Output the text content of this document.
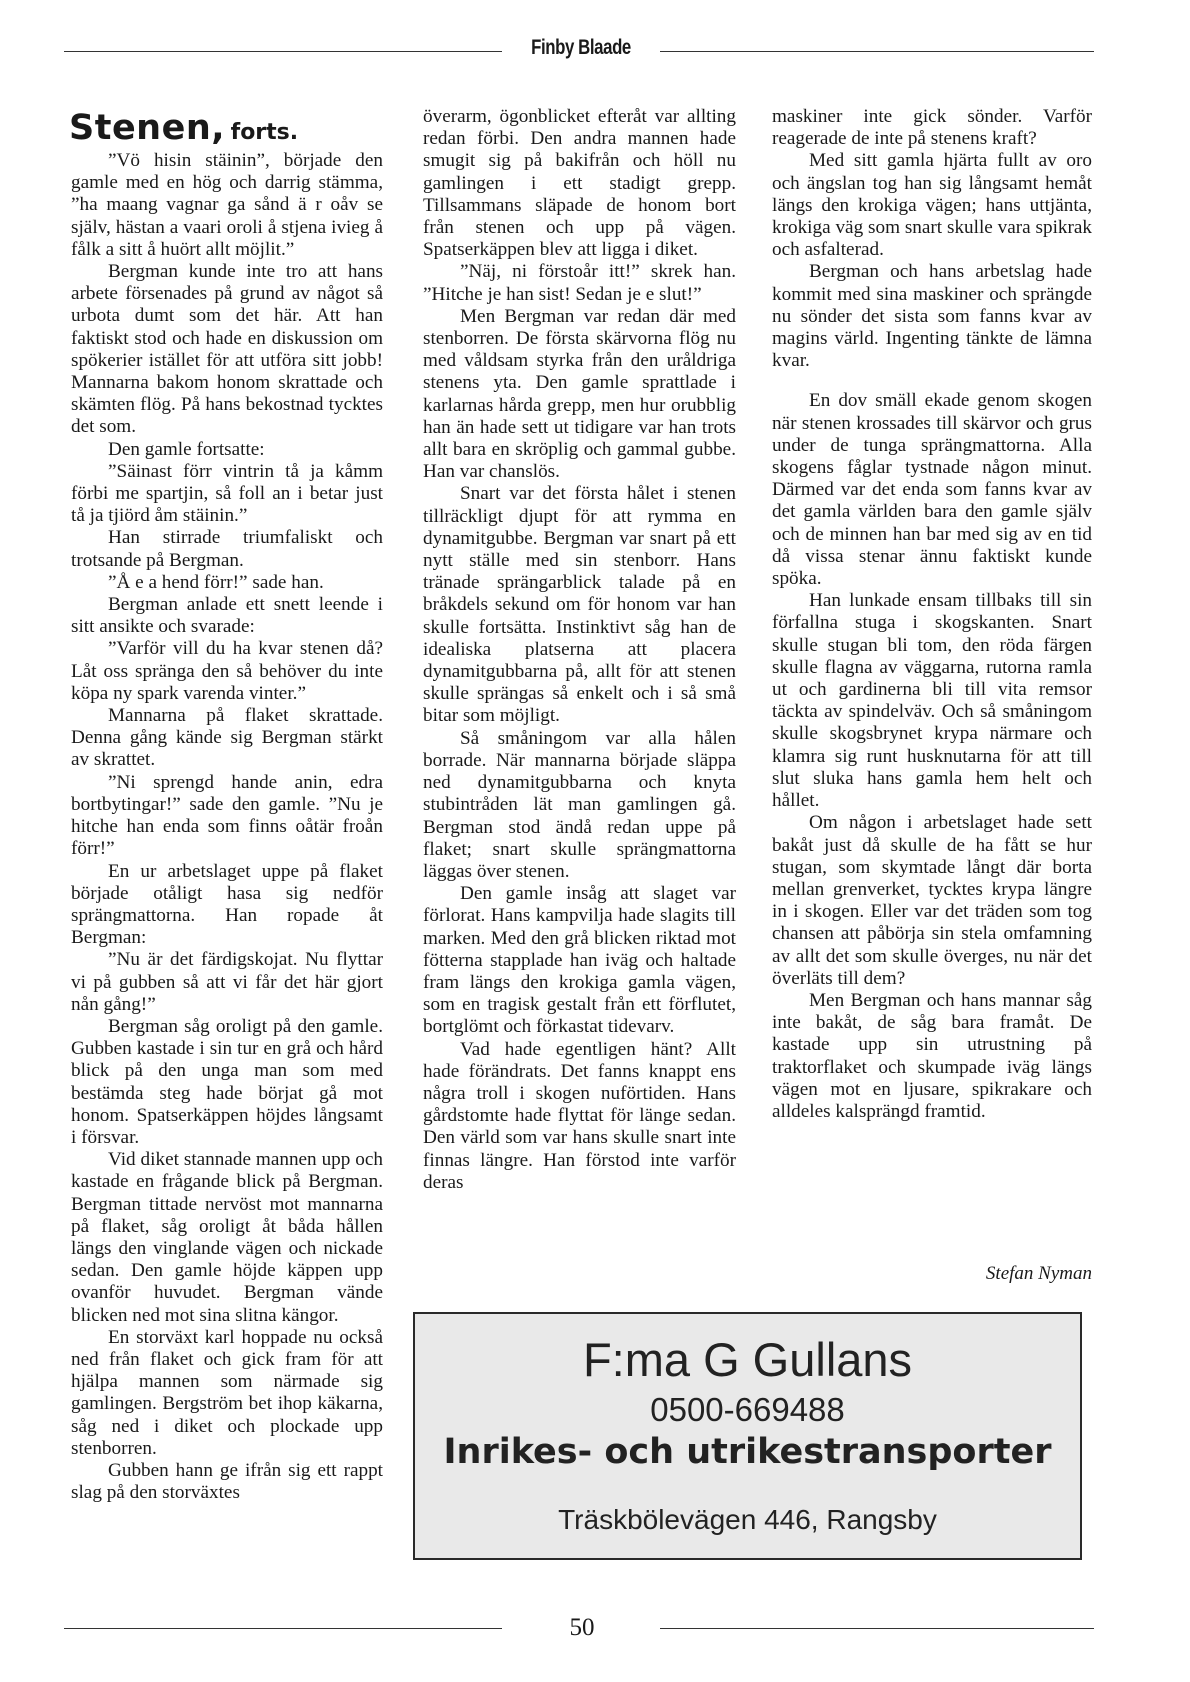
Finby Blaade
Stenen, forts.

”Vö hisin stäinin”, började den gamle med en hög och darrig stämma, ”ha maang vagnar ga sånd ä r oåv se själv, hästan a vaari oroli å stjena ivieg å fålk a sitt å huört allt möjlit.”

Bergman kunde inte tro att hans arbete försenades på grund av något så urbota dumt som det här. Att han faktiskt stod och hade en diskussion om spökerier istället för att utföra sitt jobb! Mannarna bakom honom skrattade och skämten flög. På hans bekostnad tycktes det som.

Den gamle fortsatte:

”Säinast förr vintrin tå ja kåmm förbi me spartjin, så foll an i betar just tå ja tjiörd åm stäinin.”

Han stirrade triumfaliskt och trotsande på Bergman.

”Å e a hend förr!” sade han.

Bergman anlade ett snett leende i sitt ansikte och svarade:

”Varför vill du ha kvar stenen då? Låt oss spränga den så behöver du inte köpa ny spark varenda vinter.”

Mannarna på flaket skrattade. Denna gång kände sig Bergman stärkt av skrattet.

”Ni sprengd hande anin, edra bortbytingar!” sade den gamle. ”Nu je hitche han enda som finns oåtär froån förr!”

En ur arbetslaget uppe på flaket började otåligt hasa sig nedför sprängmattorna. Han ropade åt Bergman:

”Nu är det färdigskojat. Nu flyttar vi på gubben så att vi får det här gjort nån gång!”

Bergman såg oroligt på den gamle. Gubben kastade i sin tur en grå och hård blick på den unga man som med bestämda steg hade börjat gå mot honom. Spatserkäppen höjdes långsamt i försvar.

Vid diket stannade mannen upp och kastade en frågande blick på Bergman. Bergman tittade nervöst mot mannarna på flaket, såg oroligt åt båda hållen längs den vinglande vägen och nickade sedan. Den gamle höjde käppen upp ovanför huvudet. Bergman vände blicken ned mot sina slitna kängor.

En storväxt karl hoppade nu också ned från flaket och gick fram för att hjälpa mannen som närmade sig gamlingen. Bergström bet ihop käkarna, såg ned i diket och plockade upp stenborren.

Gubben hann ge ifrån sig ett rappt slag på den storväxtes

överarm, ögonblicket efteråt var allting redan förbi. Den andra mannen hade smugit sig på bakifrån och höll nu gamlingen i ett stadigt grepp. Tillsammans släpade de honom bort från stenen och upp på vägen. Spatserkäppen blev att ligga i diket.

”Näj, ni förstoår itt!” skrek han. ”Hitche je han sist! Sedan je e slut!”

Men Bergman var redan där med stenborren. De första skärvorna flög nu med våldsam styrka från den uråldriga stenens yta. Den gamle sprattlade i karlarnas hårda grepp, men hur orubblig han än hade sett ut tidigare var han trots allt bara en skröplig och gammal gubbe. Han var chanslös.

Snart var det första hålet i stenen tillräckligt djupt för att rymma en dynamitgubbe. Bergman var snart på ett nytt ställe med sin stenborr. Hans tränade sprängarblick talade på en bråkdels sekund om för honom var han skulle fortsätta. Instinktivt såg han de idealiska platserna att placera dynamitgubbarna på, allt för att stenen skulle sprängas så enkelt och i så små bitar som möjligt.

Så småningom var alla hålen borrade. När mannarna började släppa ned dynamitgubbarna och knyta stubintråden lät man gamlingen gå. Bergman stod ändå redan uppe på flaket; snart skulle sprängmattorna läggas över stenen.

Den gamle insåg att slaget var förlorat. Hans kampvilja hade slagits till marken. Med den grå blicken riktad mot fötterna stapplade han iväg och haltade fram längs den krokiga gamla vägen, som en tragisk gestalt från ett förflutet, bortglömt och förkastat tidevarv.

Vad hade egentligen hänt? Allt hade förändrats. Det fanns knappt ens några troll i skogen nuförtiden. Hans gårdstomte hade flyttat för länge sedan. Den värld som var hans skulle snart inte finnas längre. Han förstod inte varför deras

maskiner inte gick sönder. Varför reagerade de inte på stenens kraft?

Med sitt gamla hjärta fullt av oro och ängslan tog han sig långsamt hemåt längs den krokiga vägen; hans uttjänta, krokiga väg som snart skulle vara spikrak och asfalterad.

Bergman och hans arbetslag hade kommit med sina maskiner och sprängde nu sönder det sista som fanns kvar av magins värld. Ingenting tänkte de lämna kvar.

En dov smäll ekade genom skogen när stenen krossades till skärvor och grus under de tunga sprängmattorna. Alla skogens fåglar tystnade någon minut. Därmed var det enda som fanns kvar av det gamla världen bara den gamle själv och de minnen han bar med sig av en tid då vissa stenar ännu faktiskt kunde spöka.

Han lunkade ensam tillbaks till sin förfallna stuga i skogskanten. Snart skulle stugan bli tom, den röda färgen skulle flagna av väggarna, rutorna ramla ut och gardinerna bli till vita remsor täckta av spindelväv. Och så småningom skulle skogsbrynet krypa närmare och klamra sig runt husknutarna för att till slut sluka hans gamla hem helt och hållet.

Om någon i arbetslaget hade sett bakåt just då skulle de ha fått se hur stugan, som skymtade långt där borta mellan grenverket, tycktes krypa längre in i skogen. Eller var det träden som tog chansen att påbörja sin stela omfamning av allt det som skulle överges, nu när det överläts till dem?

Men Bergman och hans mannar såg inte bakåt, de såg bara framåt. De kastade upp sin utrustning på traktorflaket och skumpade iväg längs vägen mot en ljusare, spikrakare och alldeles kalsprängd framtid.

Stefan Nyman
F:ma G Gullans
0500-669488
Inrikes- och utrikestransporter
Träskbölevägen 446, Rangsby
50
